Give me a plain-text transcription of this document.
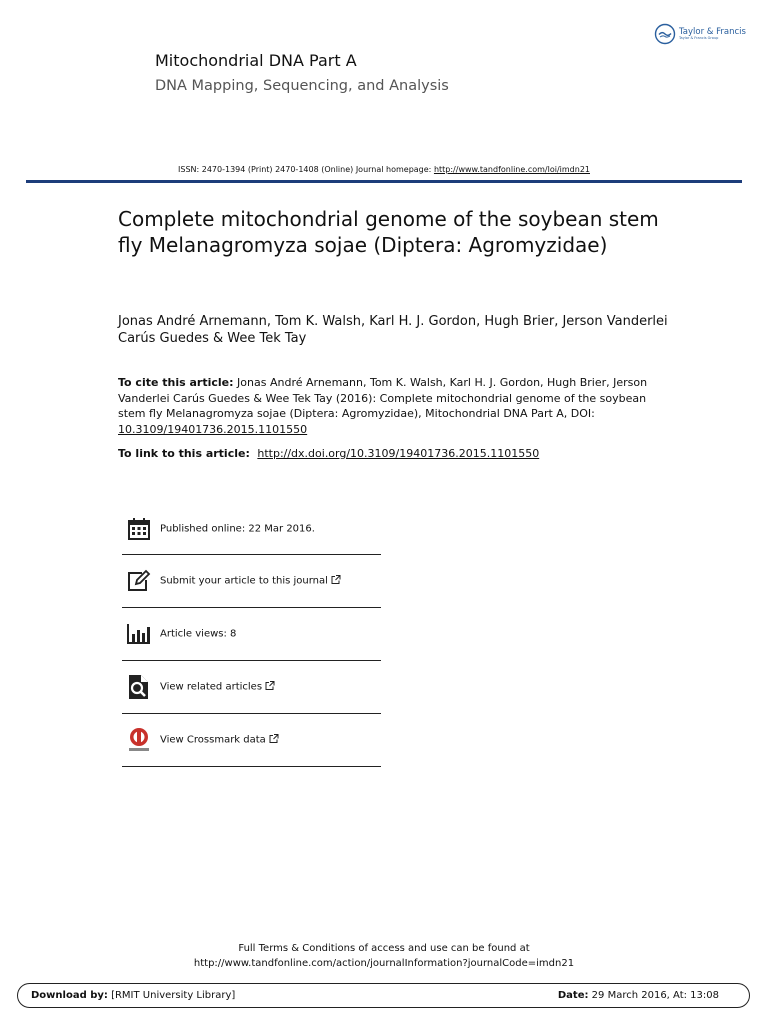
Taylor & Francis
Taylor & Francis Group
Mitochondrial DNA Part A
DNA Mapping, Sequencing, and Analysis
ISSN: 2470-1394 (Print) 2470-1408 (Online) Journal homepage: http://www.tandfonline.com/loi/imdn21
Complete mitochondrial genome of the soybean stem fly Melanagromyza sojae (Diptera: Agromyzidae)
Jonas André Arnemann, Tom K. Walsh, Karl H. J. Gordon, Hugh Brier, Jerson Vanderlei Carús Guedes & Wee Tek Tay
To cite this article: Jonas André Arnemann, Tom K. Walsh, Karl H. J. Gordon, Hugh Brier, Jerson Vanderlei Carús Guedes & Wee Tek Tay (2016): Complete mitochondrial genome of the soybean stem fly Melanagromyza sojae (Diptera: Agromyzidae), Mitochondrial DNA Part A, DOI: 10.3109/19401736.2015.1101550
To link to this article: http://dx.doi.org/10.3109/19401736.2015.1101550
Published online: 22 Mar 2016.
Submit your article to this journal
Article views: 8
View related articles
View Crossmark data
Full Terms & Conditions of access and use can be found at
http://www.tandfonline.com/action/journalInformation?journalCode=imdn21
Download by: [RMIT University Library]	Date: 29 March 2016, At: 13:08
